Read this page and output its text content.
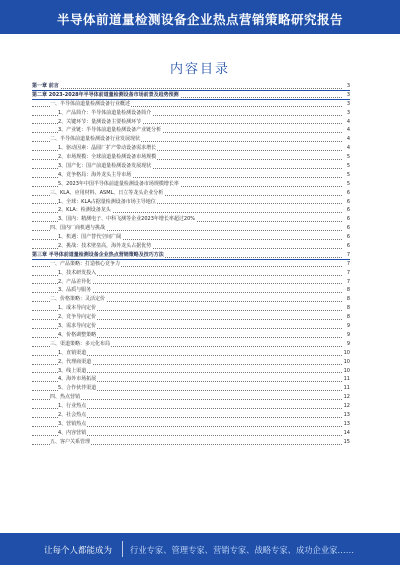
半导体前道量检测设备企业热点营销策略研究报告
内容目录
第一章 前言	3
第二章 2023-2028年半导体前道量检测设备市场前景及趋势预测	3
一、半导体前道量检测设备行业概述	3
1、产品简介：半导体前道量检测设备简介	3
2、关键环节：量测设备主要检测环节	4
3、产业链：半导体前道量检测设备产业链分析	4
二、半导体前道量检测设备行业发展现状	4
1、驱动因素：晶圆厂扩产带动设备需求增长	4
2、市场规模：全球前道量检测设备市场规模	5
3、国产化：国产前道量检测设备发展现状	5
4、竞争格局：海外龙头主导市场	5
5、2023年中国半导体前道量检测设备市场规模增长率	5
三、KLA、应用材料、ASML、日立等龙头企业分析	6
1、全球：KLA占据量检测设备市场主导地位	6
2、KLA：检测设备龙头	6
3、国内：精测电子、中科飞测等企业2023年增长率超过20%	6
四、国内厂商机遇与挑战	6
1、机遇：国产替代空间广阔	6
2、挑战：技术壁垒高，海外龙头占据优势	6
第三章 半导体前道量检测设备企业热点营销策略及技巧方法	7
一、产品策略：打造核心竞争力	7
1、技术研发投入	7
2、产品差异化	7
3、品质与服务	8
二、价格策略：灵活定价	8
1、成本导向定价	8
2、竞争导向定价	8
3、需求导向定价	9
4、价格调整策略	9
三、渠道策略：多元化布局	9
1、直销渠道	10
2、代理商渠道	10
3、线上渠道	10
4、海外市场拓展	11
5、合作伙伴渠道	11
四、热点营销	12
1、行业热点	12
2、社会热点	13
3、营销热点	13
4、内容营销	14
五、客户关系管理	15
让每个人都能成为 行业专家、管理专家、营销专家、战略专家、成功企业家……
